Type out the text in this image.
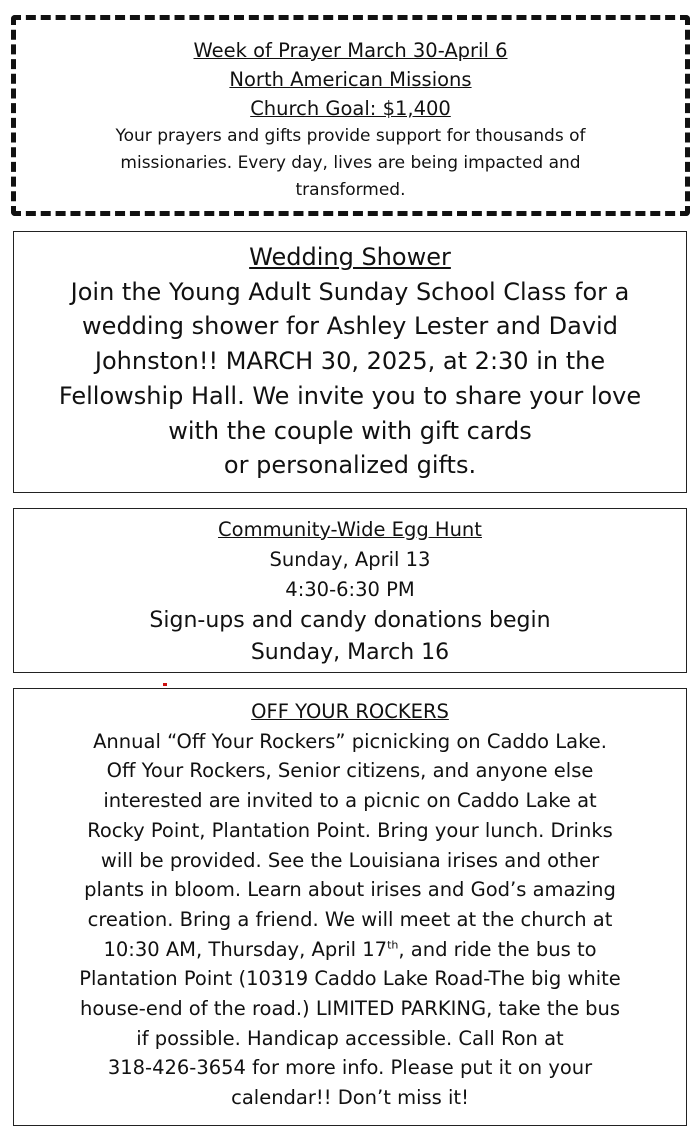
Week of Prayer March 30-April 6
North American Missions
Church Goal: $1,400
Your prayers and gifts provide support for thousands of
missionaries. Every day, lives are being impacted and
transformed.
Wedding Shower
Join the Young Adult Sunday School Class for a
wedding shower for Ashley Lester and David
Johnston!! MARCH 30, 2025, at 2:30 in the
Fellowship Hall. We invite you to share your love
with the couple with gift cards
or personalized gifts.
Community-Wide Egg Hunt
Sunday, April 13
4:30-6:30 PM
Sign-ups and candy donations begin
Sunday, March 16
OFF YOUR ROCKERS
Annual “Off Your Rockers” picnicking on Caddo Lake.
Off Your Rockers, Senior citizens, and anyone else
interested are invited to a picnic on Caddo Lake at
Rocky Point, Plantation Point. Bring your lunch. Drinks
will be provided. See the Louisiana irises and other
plants in bloom. Learn about irises and God’s amazing
creation. Bring a friend. We will meet at the church at
10:30 AM, Thursday, April 17th, and ride the bus to
Plantation Point (10319 Caddo Lake Road-The big white
house-end of the road.) LIMITED PARKING, take the bus
if possible. Handicap accessible. Call Ron at
318-426-3654 for more info. Please put it on your
calendar!! Don’t miss it!
